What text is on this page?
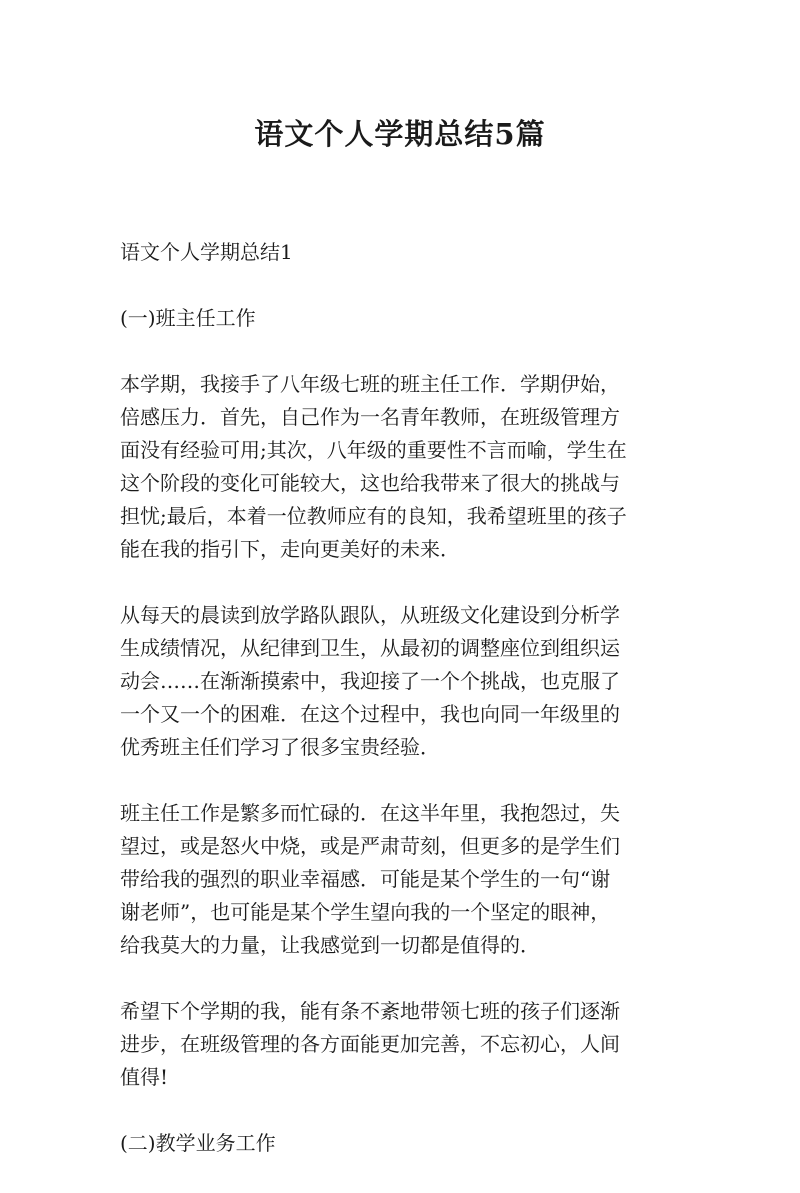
语文个人学期总结5篇
语文个人学期总结1
(一)班主任工作
本学期，我接手了八年级七班的班主任工作．学期伊始，
倍感压力．首先，自己作为一名青年教师，在班级管理方
面没有经验可用;其次，八年级的重要性不言而喻，学生在
这个阶段的变化可能较大，这也给我带来了很大的挑战与
担忧;最后，本着一位教师应有的良知，我希望班里的孩子
能在我的指引下，走向更美好的未来．
从每天的晨读到放学路队跟队，从班级文化建设到分析学
生成绩情况，从纪律到卫生，从最初的调整座位到组织运
动会……在渐渐摸索中，我迎接了一个个挑战，也克服了
一个又一个的困难．在这个过程中，我也向同一年级里的
优秀班主任们学习了很多宝贵经验．
班主任工作是繁多而忙碌的．在这半年里，我抱怨过，失
望过，或是怒火中烧，或是严肃苛刻，但更多的是学生们
带给我的强烈的职业幸福感．可能是某个学生的一句“谢
谢老师”，也可能是某个学生望向我的一个坚定的眼神，
给我莫大的力量，让我感觉到一切都是值得的．
希望下个学期的我，能有条不紊地带领七班的孩子们逐渐
进步，在班级管理的各方面能更加完善，不忘初心，人间
值得!
(二)教学业务工作
